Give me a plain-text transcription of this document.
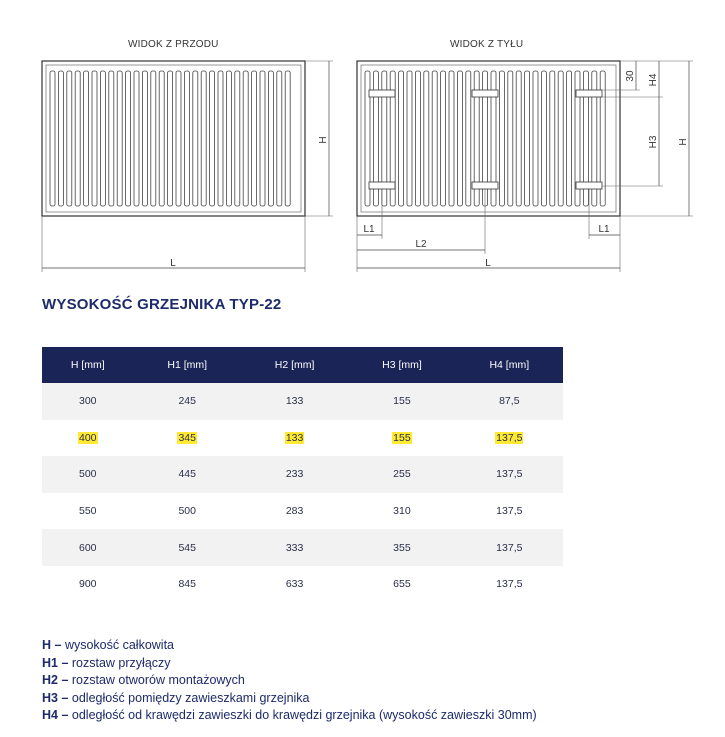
WIDOK Z PRZODU	WIDOK Z TYŁU
H
L
30 H4
H3 H
L1	L1
L2
L
WYSOKOŚĆ GRZEJNIKA TYP-22
H [mm]	H1 [mm]	H2 [mm]	H3 [mm]	H4 [mm]
300	245	133	155	87,5
400	345	133	155	137,5
500	445	233	255	137,5
550	500	283	310	137,5
600	545	333	355	137,5
900	845	633	655	137,5
H – wysokość całkowita
H1 – rozstaw przyłączy
H2 – rozstaw otworów montażowych
H3 – odległość pomiędzy zawieszkami grzejnika
H4 – odległość od krawędzi zawieszki do krawędzi grzejnika (wysokość zawieszki 30mm)
